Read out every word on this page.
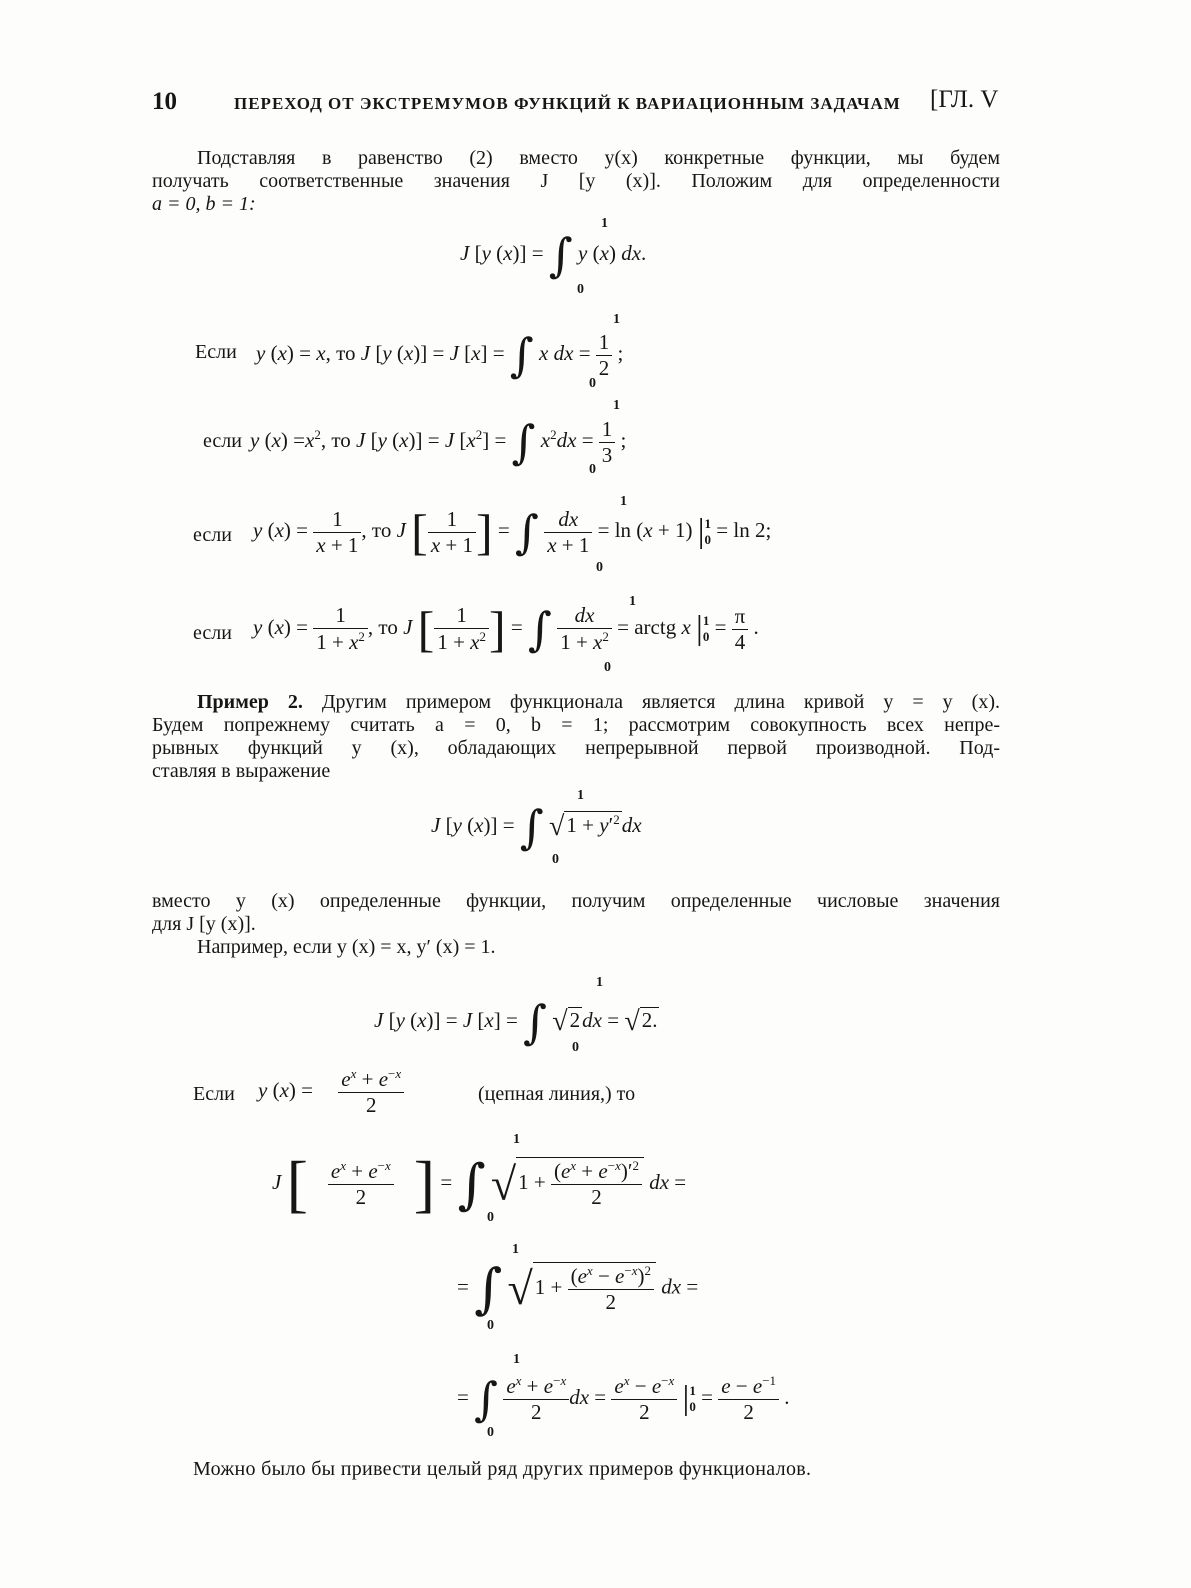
10	ПЕРЕХОД ОТ ЭКСТРЕМУМОВ ФУНКЦИЙ К ВАРИАЦИОННЫМ ЗАДАЧАМ [ГЛ. V
Подставляя в равенство (2) вместо y(x) конкретные функции, мы будем
получать соответственные значения J [y (x)]. Положим для определенности
a = 0, b = 1:
J [y (x)] = ∫ y (x) dx.
1
0
Если y (x) = x, то J [y (x)] = J [x] = ∫ x dx = $\frac{1}{2}$ ;
1
0
если y $(x) =x^2$, то J [y (x)] = J $[x^2]$ = ∫ $x^2dx = \frac{1}{3}$ ;
1
0
если y $(x) = \frac{1}{x + 1}$ , то J [ $\frac{1}{x + 1}$ ] = ∫ $\frac{dx}{x + 1} = \ln (x + 1)$ | 1
0 = ln 2;
1
0
если y $(x) = \frac{1}{1 + x^2}$ , то J [ $\frac{1}{1 + x^2}$ ] = ∫ $\frac{dx}{1 + x^2}$ = arctg x | 1
$0 = \frac{\pi}{4}$ .
1
0
Пример 2. Другим примером функционала является длина кривой y = y (x).
Будем попрежнему считать a = 0, b = 1; рассмотрим совокупность всех непре-
рывных функций y (x), обладающих непрерывной первой производной. Под-
ставляя в выражение
J [y (x)] = ∫ $√1 + y'^2dx$
1
0
вместо y (x) определенные функции, получим определенные числовые значения
для J [y (x)].
Например, если y (x) = x, y′ (x) = 1.
J [y (x)] = J [x] = ∫ √2dx = √2.
1
0
Если y $(x) = \frac{e^x + e^{-x}}{2}$	(цепная линия,) то
J [ $\frac{e^x + e^{-x}}{2}$ ] = ∫ $√1 + \frac{(e^x + e^{-x})'^2}{2}$ dx =
1
0
= ∫ $√1 + \frac{(e^x - e^{-x})^2}{2}$ dx =
1
0
= ∫ $\frac{e^x + e^{-x}}{2}$ dx = $\frac{e^x - e^{-x}}{2}$ | 1
$0 = \frac{e - e^{-1}}{2}$ .
1
0
Можно было бы привести целый ряд других примеров функционалов.
